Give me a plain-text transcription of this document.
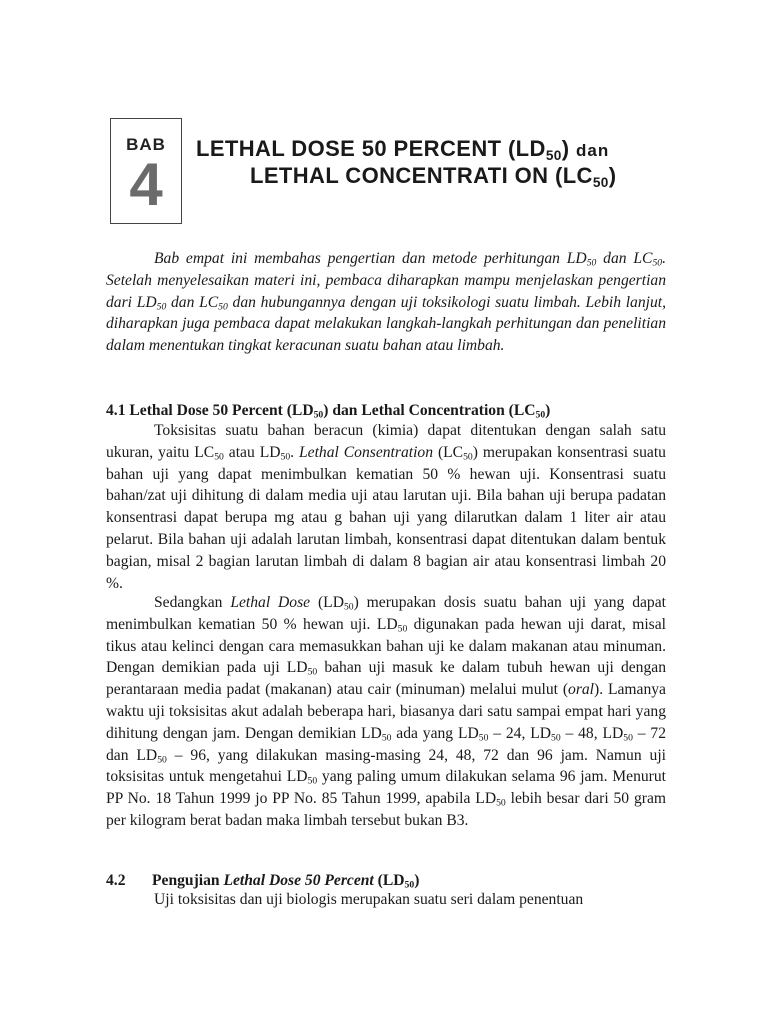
BAB
4
LETHAL DOSE 50 PERCENT $(LD_{50})$ dan
LETHAL CONCENTRATI ON $(LC_{50})$

Bab empat ini membahas pengertian dan metode perhitungan $LD_{50}$ dan $LC_{50}$. Setelah menyelesaikan materi ini, pembaca diharapkan mampu menjelaskan pengertian dari $LD_{50}$ dan $LC_{50}$ dan hubungannya dengan uji toksikologi suatu limbah. Lebih lanjut, diharapkan juga pembaca dapat melakukan langkah-langkah perhitungan dan penelitian dalam menentukan tingkat keracunan suatu bahan atau limbah.

4.1 Lethal Dose 50 Percent $(LD_{50})$ dan Lethal Concentration $(LC_{50})$

Toksisitas suatu bahan beracun (kimia) dapat ditentukan dengan salah satu ukuran, yaitu $LC_{50}$ atau $LD_{50}$. Lethal Consentration $(LC_{50})$ merupakan konsentrasi suatu bahan uji yang dapat menimbulkan kematian 50 % hewan uji. Konsentrasi suatu bahan/zat uji dihitung di dalam media uji atau larutan uji. Bila bahan uji berupa padatan konsentrasi dapat berupa mg atau g bahan uji yang dilarutkan dalam 1 liter air atau pelarut. Bila bahan uji adalah larutan limbah, konsentrasi dapat ditentukan dalam bentuk bagian, misal 2 bagian larutan limbah di dalam 8 bagian air atau konsentrasi limbah 20 %.

Sedangkan Lethal Dose $(LD_{50})$ merupakan dosis suatu bahan uji yang dapat menimbulkan kematian 50 % hewan uji. $LD_{50}$ digunakan pada hewan uji darat, misal tikus atau kelinci dengan cara memasukkan bahan uji ke dalam makanan atau minuman. Dengan demikian pada uji $LD_{50}$ bahan uji masuk ke dalam tubuh hewan uji dengan perantaraan media padat (makanan) atau cair (minuman) melalui mulut (oral). Lamanya waktu uji toksisitas akut adalah beberapa hari, biasanya dari satu sampai empat hari yang dihitung dengan jam. Dengan demikian $LD_{50}$ ada yang $LD_{50} - 24$, $LD_{50} - 48$, $LD_{50} - 72$ dan $LD_{50} - 96$, yang dilakukan masing-masing 24, 48, 72 dan 96 jam. Namun uji toksisitas untuk mengetahui $LD_{50}$ yang paling umum dilakukan selama 96 jam. Menurut PP No. 18 Tahun 1999 jo PP No. 85 Tahun 1999, apabila $LD_{50}$ lebih besar dari 50 gram per kilogram berat badan maka limbah tersebut bukan B3.

4.2 Pengujian Lethal Dose 50 Percent $(LD_{50})$

Uji toksisitas dan uji biologis merupakan suatu seri dalam penentuan
